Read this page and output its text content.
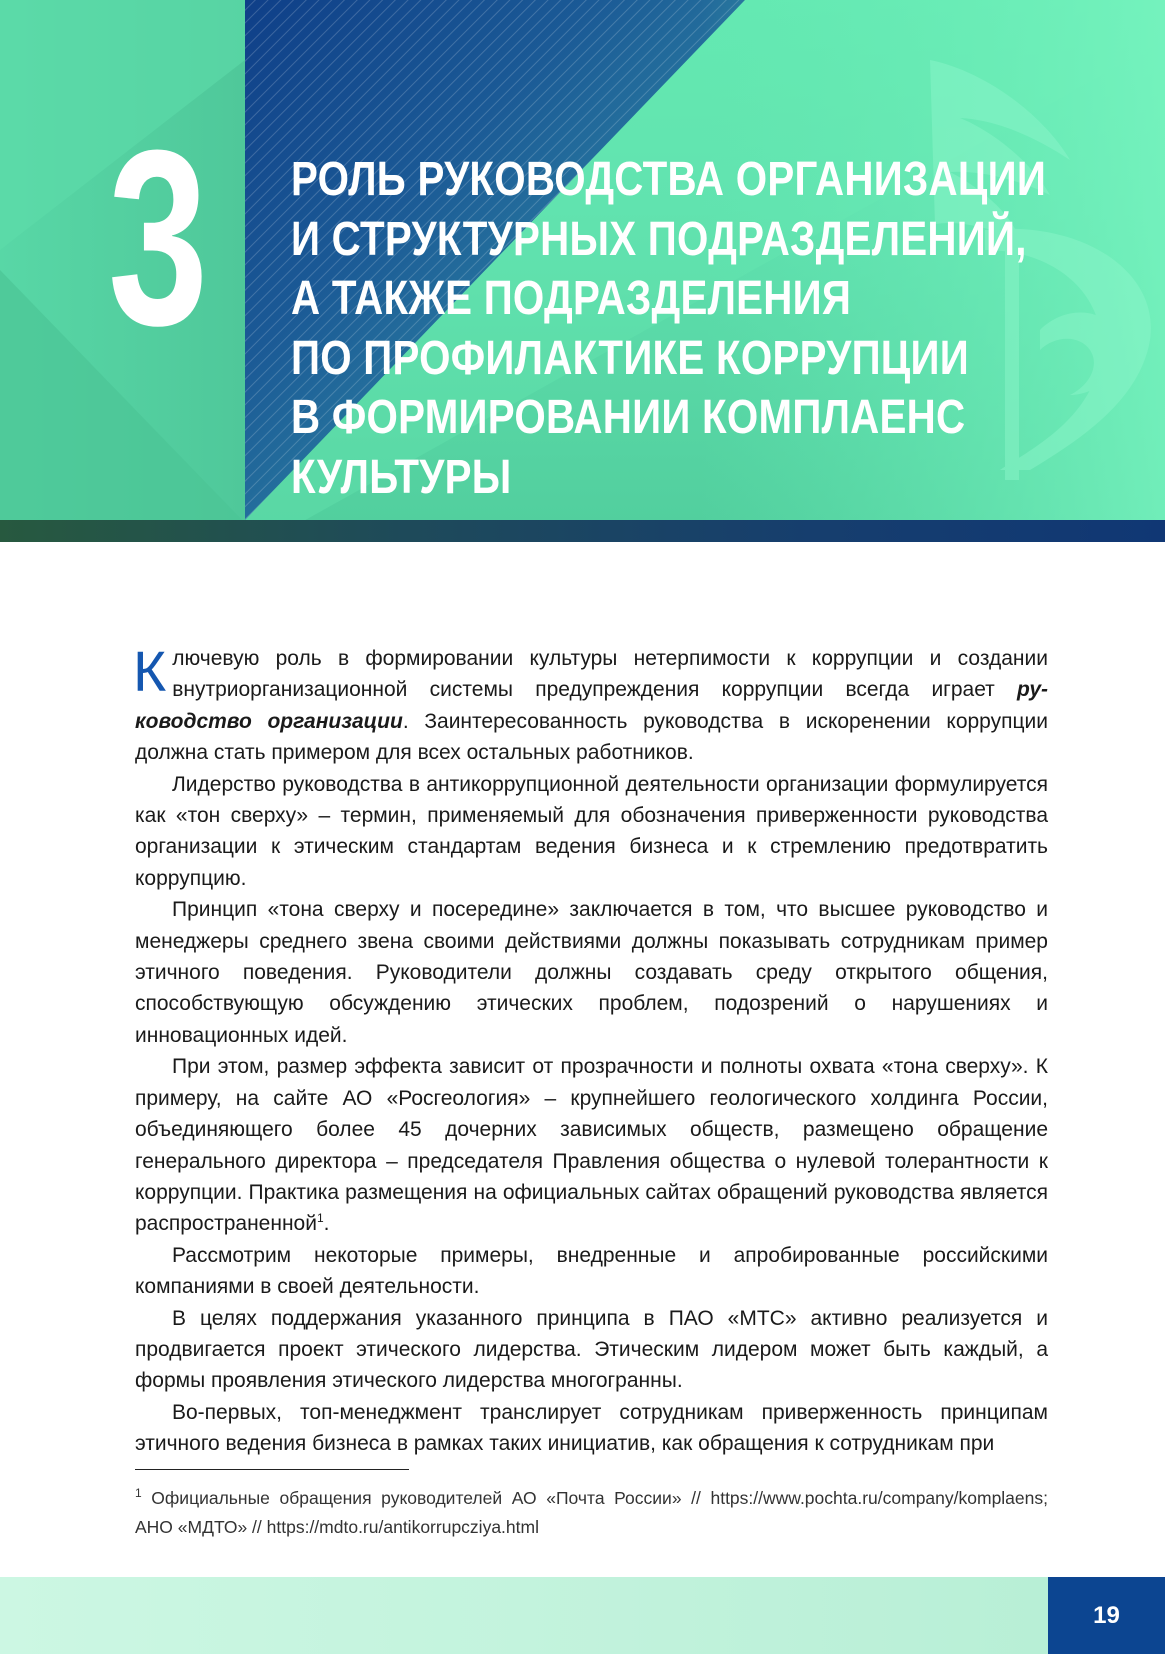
3 РОЛЬ РУКОВОДСТВА ОРГАНИЗАЦИИ
И СТРУКТУРНЫХ ПОДРАЗДЕЛЕНИЙ,
А ТАКЖЕ ПОДРАЗДЕЛЕНИЯ
ПО ПРОФИЛАКТИКЕ КОРРУПЦИИ
В ФОРМИРОВАНИИ КОМПЛАЕНС
КУЛЬТУРЫ

Ключевую роль в формировании культуры нетерпимости к коррупции и создании внутриорганизационной системы предупреждения коррупции всегда играет руководство организации. Заинтересованность руководства в искоренении коррупции должна стать примером для всех остальных работников.

Лидерство руководства в антикоррупционной деятельности организации формулируется как «тон сверху» – термин, применяемый для обозначения приверженности руководства организации к этическим стандартам ведения бизнеса и к стремлению предотвратить коррупцию.

Принцип «тона сверху и посередине» заключается в том, что высшее руководство и менеджеры среднего звена своими действиями должны показывать сотрудникам пример этичного поведения. Руководители должны создавать среду открытого общения, способствующую обсуждению этических проблем, подозрений о нарушениях и инновационных идей.

При этом, размер эффекта зависит от прозрачности и полноты охвата «тона сверху». К примеру, на сайте АО «Росгеология» – крупнейшего геологического холдинга России, объединяющего более 45 дочерних зависимых обществ, размещено обращение генерального директора – председателя Правления общества о нулевой толерантности к коррупции. Практика размещения на официальных сайтах обращений руководства является распространенной$^1$.

Рассмотрим некоторые примеры, внедренные и апробированные российскими компаниями в своей деятельности.

В целях поддержания указанного принципа в ПАО «МТС» активно реализуется и продвигается проект этического лидерства. Этическим лидером может быть каждый, а формы проявления этического лидерства многогранны.

Во-первых, топ-менеджмент транслирует сотрудникам приверженность принципам этичного ведения бизнеса в рамках таких инициатив, как обращения к сотрудникам при

$^1$ Официальные обращения руководителей АО «Почта России» // https://www.pochta.ru/company/komplaens; АНО «МДТО» // https://mdto.ru/antikorrupcziya.html
19
